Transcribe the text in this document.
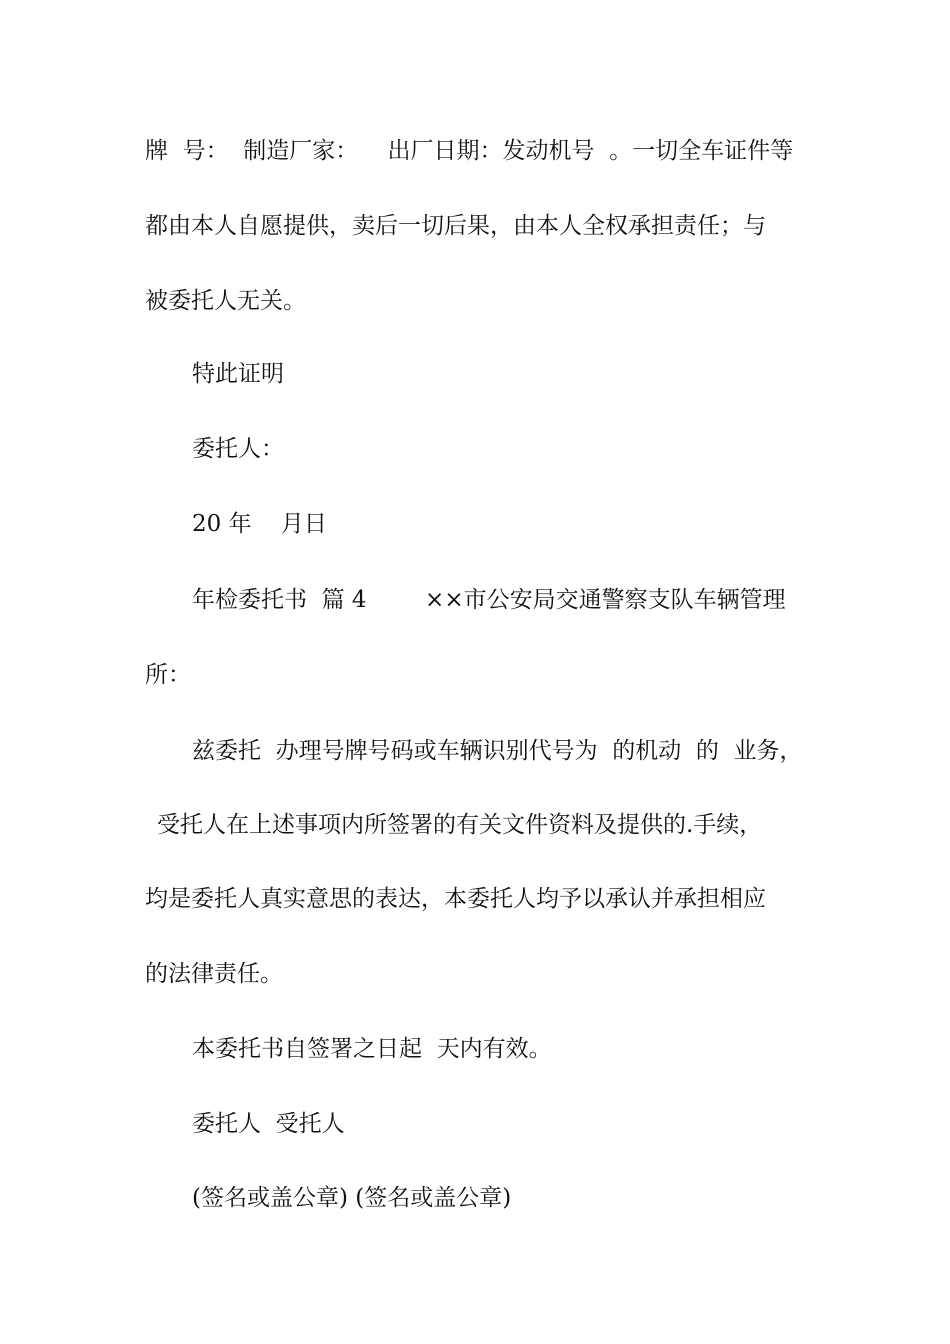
牌  号：  制造厂家：    出厂日期：发动机号  。一切全车证件等
都由本人自愿提供，卖后一切后果，由本人全权承担责任；与
被委托人无关。
特此证明
委托人：
20 年    月日
年检委托书  篇 4        ××市公安局交通警察支队车辆管理
所：
兹委托  办理号牌号码或车辆识别代号为  的机动  的  业务，
受托人在上述事项内所签署的有关文件资料及提供的.手续，
均是委托人真实意思的表达，本委托人均予以承认并承担相应
的法律责任。
本委托书自签署之日起  天内有效。
委托人  受托人
(签名或盖公章) (签名或盖公章)
